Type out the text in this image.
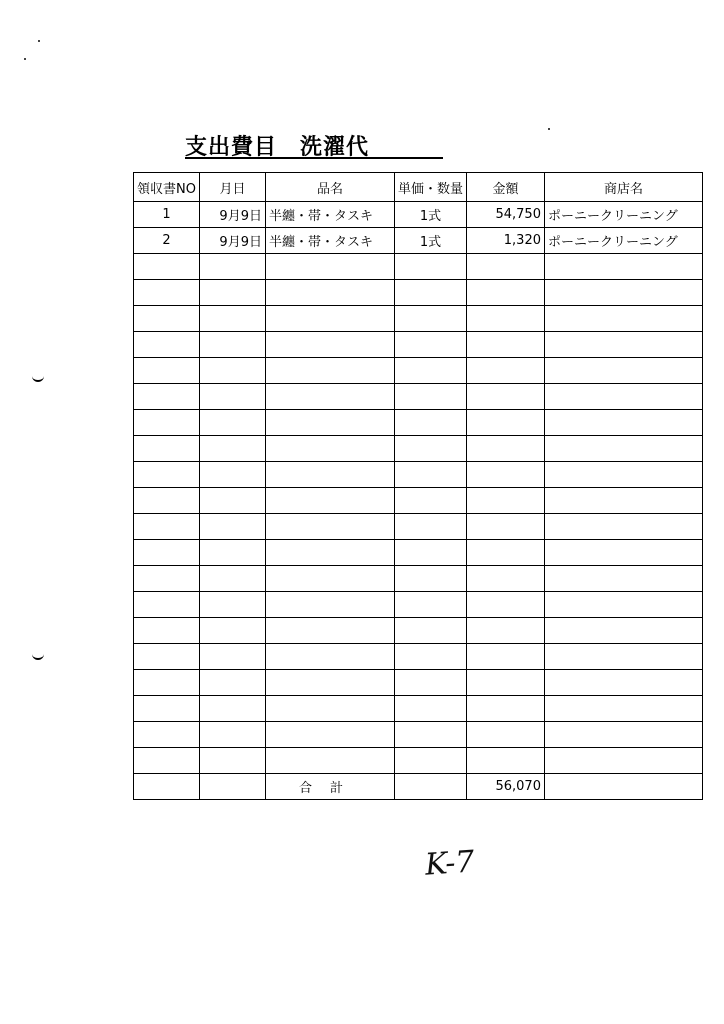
支出費目　洗濯代
領収書NO	月日	品名	単価・数量	金額	商店名
1	9月9日	半纏・帯・タスキ	1式	54,750	ポーニークリーニング
2	9月9日	半纏・帯・タスキ	1式	1,320	ポーニークリーニング

		合計		56,070	
K-7
